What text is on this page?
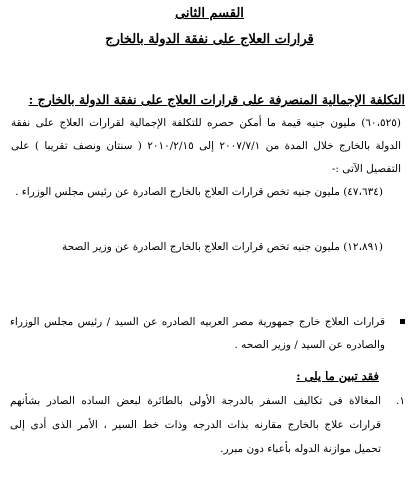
القسم الثانى
قرارات العلاج على نفقة الدولة بالخارج
التكلفة الإجمالية المنصرفة على قرارات العلاج على نفقة الدولة بالخارج :
(٦٠،٥٢٥) مليون جنيه قيمة ما أمكن حصره للتكلفة الإجمالية لقرارات العلاج على نفقة الدولة بالخارج خلال المدة من ٢٠٠٧/٧/١ إلى ٢٠١٠/٢/١٥ ( سنتان ونصف تقريبا ) على التفصيل الآتى :-
(٤٧،٦٣٤) مليون جنيه تخص قرارات العلاج بالخارج الصادرة عن رئيس مجلس الوزراء .
(١٢،٨٩١) مليون جنيه تخص قرارات العلاج بالخارج الصادرة عن وزير الصحة
قرارات العلاج خارج جمهورية مصر العربيه الصادره عن السيد / رئيس مجلس الوزراء والصادره عن السيد / وزير الصحه .
فقد تبين ما يلى :
١.
المغالاة فى تكاليف السفر بالدرجة الأولى بالطائرة لبعض الساده الصادر بشأنهم قرارات علاج بالخارج مقارنه بذات الدرجه وذات خط السير ، الأمر الذى أدى إلى تحميل موازنة الدوله بأعباء دون مبرر.
